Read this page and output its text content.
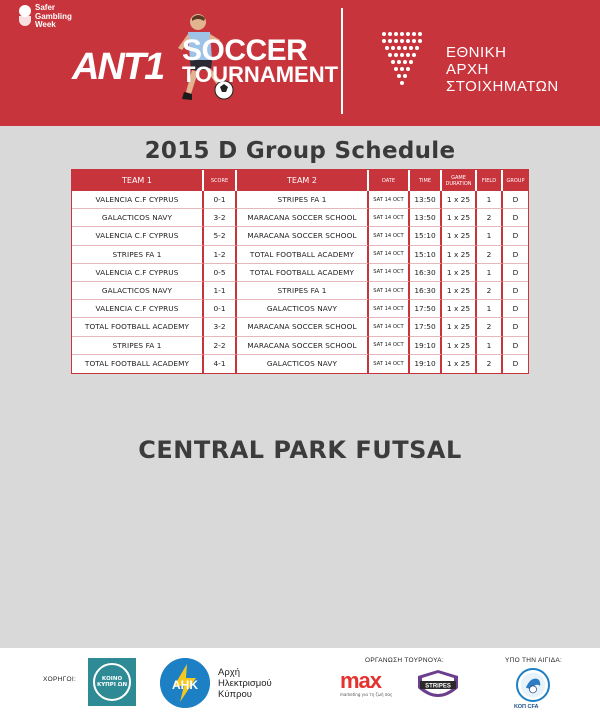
Safer Gambling Week
ANT1 SOCCER
TOURNAMENT
ΕΘΝΙΚΗ
ΑΡΧΗ
ΣΤΟΙΧΗΜΑΤΩΝ
2015 D Group Schedule
TEAM 1	SCORE	TEAM 2	DATE	TIME	GAME DURATION	FIELD	GROUP
VALENCIA C.F CYPRUS	0-1	STRIPES FA 1	SAT 14 OCT	13:50	1 x 25	1	D
GALACTICOS NAVY	3-2	MARACANA SOCCER SCHOOL	SAT 14 OCT	13:50	1 x 25	2	D
VALENCIA C.F CYPRUS	5-2	MARACANA SOCCER SCHOOL	SAT 14 OCT	15:10	1 x 25	1	D
STRIPES FA 1	1-2	TOTAL FOOTBALL ACADEMY	SAT 14 OCT	15:10	1 x 25	2	D
VALENCIA C.F CYPRUS	0-5	TOTAL FOOTBALL ACADEMY	SAT 14 OCT	16:30	1 x 25	1	D
GALACTICOS NAVY	1-1	STRIPES FA 1	SAT 14 OCT	16:30	1 x 25	2	D
VALENCIA C.F CYPRUS	0-1	GALACTICOS NAVY	SAT 14 OCT	17:50	1 x 25	1	D
TOTAL FOOTBALL ACADEMY	3-2	MARACANA SOCCER SCHOOL	SAT 14 OCT	17:50	1 x 25	2	D
STRIPES FA 1	2-2	MARACANA SOCCER SCHOOL	SAT 14 OCT	19:10	1 x 25	1	D
TOTAL FOOTBALL ACADEMY	4-1	GALACTICOS NAVY	SAT 14 OCT	19:10	1 x 25	2	D
CENTRAL PARK FUTSAL
ΧΟΡΗΓΟΙ:	ΚΟΙΝΟ ΚΥΠΡΙ ΩΝ	ΑΗΚ
Αρχή
Ηλεκτρισμού
Κύπρου
ΟΡΓΑΝΩΣΗ ΤΟΥΡΝΟΥΑ:
max
marketing για τη ζωή σας
STRIPES
ΥΠΟ ΤΗΝ ΑΙΓΙΔΑ:
ΚΟΠ CFA
